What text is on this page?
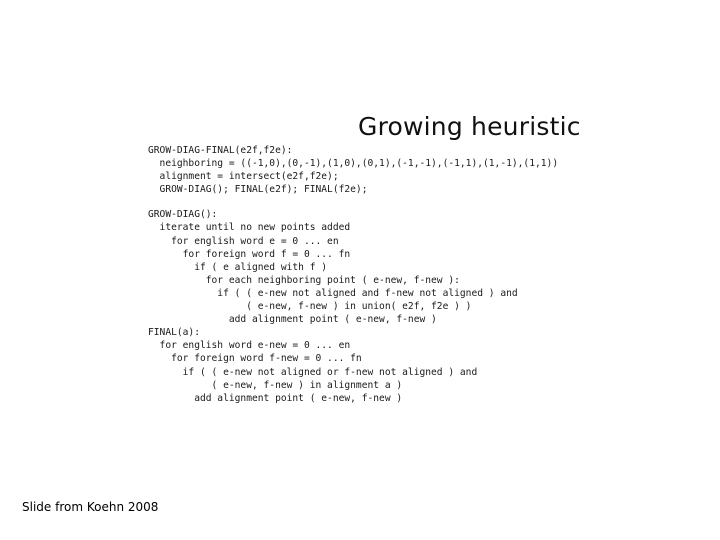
Growing heuristic
GROW-DIAG-FINAL(e2f,f2e):
neighboring = ((-1,0),(0,-1),(1,0),(0,1),(-1,-1),(-1,1),(1,-1),(1,1))
alignment = intersect(e2f,f2e);
GROW-DIAG(); FINAL(e2f); FINAL(f2e);
GROW-DIAG():
iterate until no new points added
for english word e = 0 ... en
for foreign word f = 0 ... fn
if ( e aligned with f )
for each neighboring point ( e-new, f-new ):
if ( ( e-new not aligned and f-new not aligned ) and
( e-new, f-new ) in union( e2f, f2e ) )
add alignment point ( e-new, f-new )
FINAL(a):
for english word e-new = 0 ... en
for foreign word f-new = 0 ... fn
if ( ( e-new not aligned or f-new not aligned ) and
( e-new, f-new ) in alignment a )
add alignment point ( e-new, f-new )
Slide from Koehn 2008
